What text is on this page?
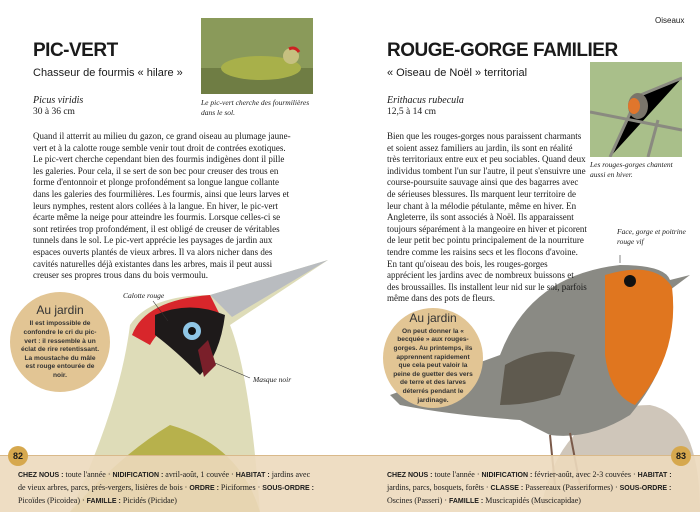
Oiseaux
PIC-VERT
Chasseur de fourmis « hilare »
Picus viridis
30 à 36 cm
Le pic-vert cherche des fourmilières dans le sol.
Quand il atterrit au milieu du gazon, ce grand oiseau au plumage jaune-vert et à la calotte rouge semble venir tout droit de contrées exotiques. Le pic-vert cherche cependant bien des fourmis indigènes dont il pille les galeries. Pour cela, il se sert de son bec pour creuser des trous en forme d'entonnoir et plonge profondément sa longue langue collante dans les galeries des fourmilières. Les fourmis, ainsi que leurs larves et leurs nymphes, restent alors collées à la langue. En hiver, le pic-vert écarte même la neige pour atteindre les fourmis. Lorsque celles-ci se sont retirées trop profondément, il est obligé de creuser de véritables tunnels dans le sol. Le pic-vert apprécie les paysages de jardin aux espaces ouverts plantés de vieux arbres. Il va alors nicher dans des cavités naturelles déjà existantes dans les arbres, mais il peut aussi creuser ses propres trous dans du bois vermoulu.
Calotte rouge
Masque noir
Au jardin
Il est impossible de confondre le cri du pic-vert : il ressemble à un éclat de rire retentissant. La moustache du mâle est rouge entourée de noir.
ROUGE-GORGE FAMILIER
« Oiseau de Noël » territorial
Erithacus rubecula
12,5 à 14 cm
Les rouges-gorges chantent aussi en hiver.
Bien que les rouges-gorges nous paraissent charmants et soient assez familiers au jardin, ils sont en réalité très territoriaux entre eux et peu sociables. Quand deux individus tombent l'un sur l'autre, il peut s'ensuivre une course-poursuite sauvage ainsi que des bagarres avec de sérieuses blessures. Ils marquent leur territoire de leur chant à la mélodie pétulante, même en hiver. En Angleterre, ils sont associés à Noël. Ils apparaissent toujours séparément à la mangeoire en hiver et picorent de leur petit bec pointu principalement de la nourriture tendre comme les raisins secs et les flocons d'avoine. En tant qu'oiseau des bois, les rouges-gorges apprécient les jardins avec de nombreux buissons et des broussailles. Ils installent leur nid sur le sol, parfois même dans des pots de fleurs.
Face, gorge et poitrine rouge vif
Au jardin
On peut donner la « becquée » aux rouges-gorges. Au printemps, ils apprennent rapidement que cela peut valoir la peine de guetter des vers de terre et des larves déterrés pendant le jardinage.
82	83
CHEZ NOUS : toute l'année · NIDIFICATION : avril-août, 1 couvée · HABITAT : jardins avec de vieux arbres, parcs, prés-vergers, lisières de bois · ORDRE : Piciformes · SOUS-ORDRE : Picoïdes (Picoidea) · FAMILLE : Picidés (Picidae)
CHEZ NOUS : toute l'année · NIDIFICATION : février-août, avec 2-3 couvées · HABITAT : jardins, parcs, bosquets, forêts · CLASSE : Passereaux (Passeriformes) · SOUS-ORDRE : Oscines (Passeri) · FAMILLE : Muscicapidés (Muscicapidae)
